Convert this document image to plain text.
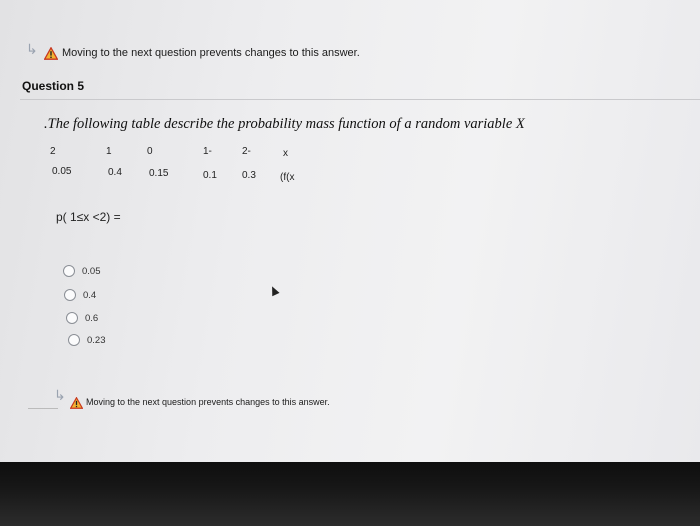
↳ Moving to the next question prevents changes to this answer.
Question 5
.The following table describe the probability mass function of a random variable X
2	1	0	1-	2-	x
0.05	0.4	0.15	0.1	0.3 (f(x
p( 1≤x <2) =
0.05
0.4
0.6
0.23
↳ Moving to the next question prevents changes to this answer.
